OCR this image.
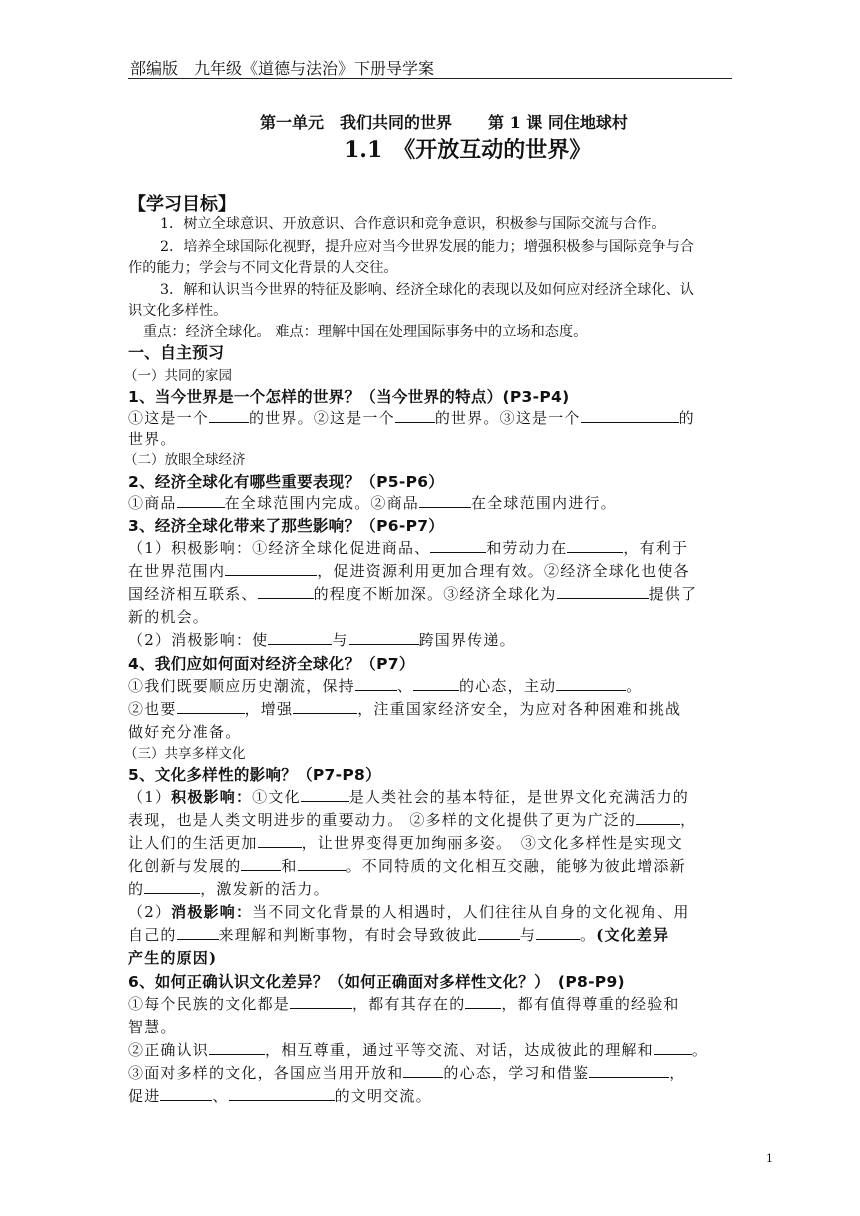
部编版　九年级《道德与法治》下册导学案
第一单元　我们共同的世界 第 1 课 同住地球村
1.1　《开放互动的世界》
【学习目标】
1．树立全球意识、开放意识、合作意识和竞争意识，积极参与国际交流与合作。
2．培养全球国际化视野，提升应对当今世界发展的能力；增强积极参与国际竞争与合
作的能力；学会与不同文化背景的人交往。
3．解和认识当今世界的特征及影响、经济全球化的表现以及如何应对经济全球化、认
识文化多样性。
重点：经济全球化。 难点：理解中国在处理国际事务中的立场和态度。
一、自主预习
（一）共同的家园
1、当今世界是一个怎样的世界？（当今世界的特点）(P3-P4)
①这是一个	的世界。②这是一个	的世界。③这是一个	的
世界。
（二）放眼全球经济
2、经济全球化有哪些重要表现？（P5-P6）
①商品	在全球范围内完成。②商品	在全球范围内进行。
3、经济全球化带来了那些影响？（P6-P7）
（1）积极影响：①经济全球化促进商品、	和劳动力在	，有利于
在世界范围内	，促进资源利用更加合理有效。②经济全球化也使各
国经济相互联系、	的程度不断加深。③经济全球化为	提供了
新的机会。
（2）消极影响：使	与	跨国界传递。
4、我们应如何面对经济全球化？（P7）
①我们既要顺应历史潮流，保持	、	的心态，主动	。
②也要	，增强	，注重国家经济安全，为应对各种困难和挑战
做好充分准备。
（三）共享多样文化
5、文化多样性的影响？（P7-P8）
（1）积极影响：①文化	是人类社会的基本特征，是世界文化充满活力的
表现，也是人类文明进步的重要动力。 ②多样的文化提供了更为广泛的	，
让人们的生活更加	，让世界变得更加绚丽多姿。　③文化多样性是实现文
化创新与发展的	和	。不同特质的文化相互交融，能够为彼此增添新
的	，激发新的活力。
（2）消极影响：当不同文化背景的人相遇时，人们往往从自身的文化视角、用
自己的	来理解和判断事物，有时会导致彼此	与	。(文化差异
产生的原因)
6、如何正确认识文化差异？（如何正确面对多样性文化？）　(P8-P9)
①每个民族的文化都是	，都有其存在的 ，都有值得尊重的经验和
智慧。
②正确认识	，相互尊重，通过平等交流、对话，达成彼此的理解和	。
③面对多样的文化，各国应当用开放和	的心态，学习和借鉴	，
促进	、	的文明交流。
1
